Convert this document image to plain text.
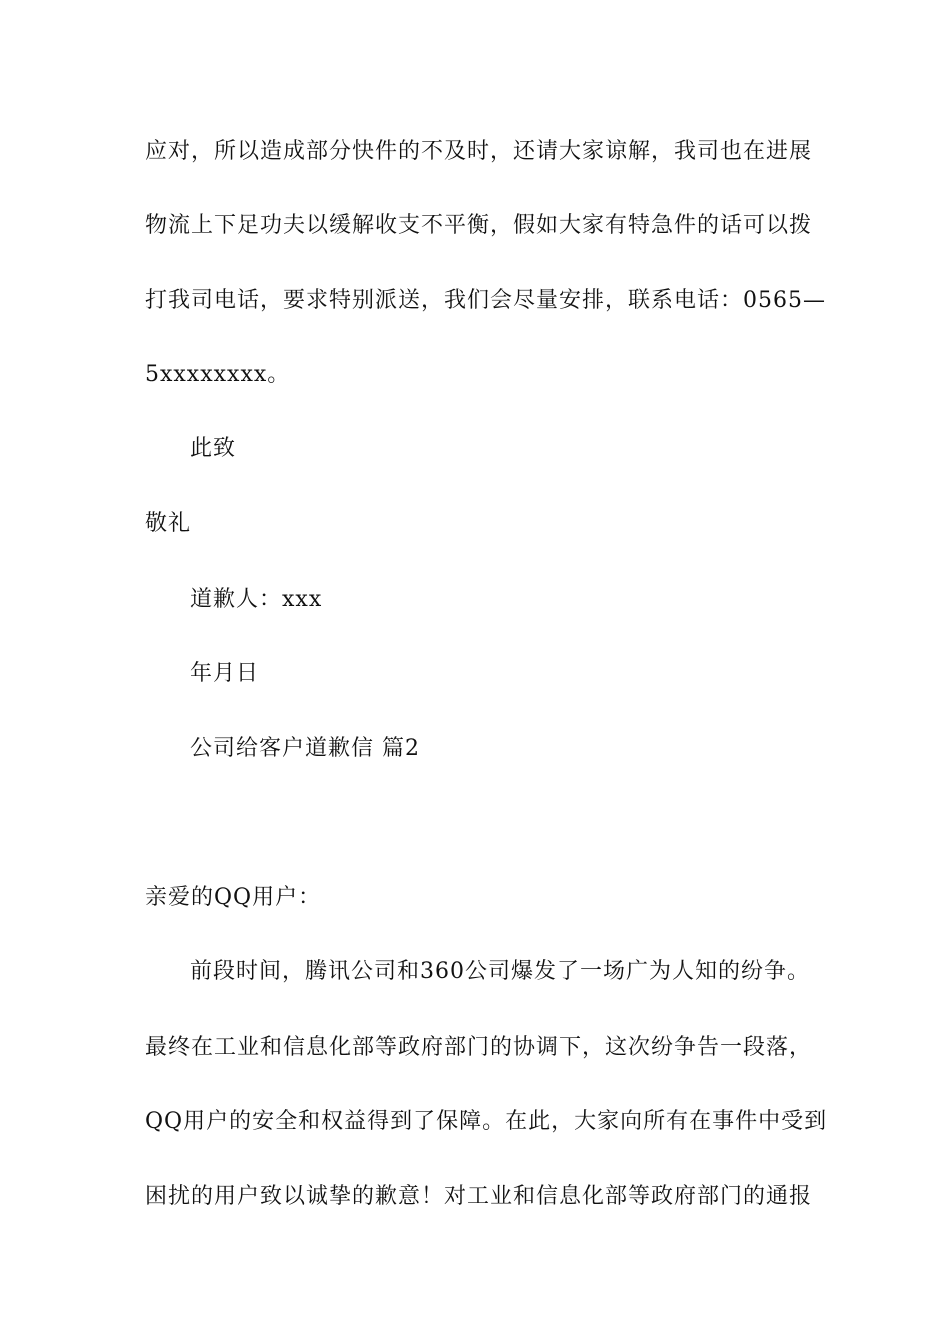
应对，所以造成部分快件的不及时，还请大家谅解，我司也在进展
物流上下足功夫以缓解收支不平衡，假如大家有特急件的话可以拨
打我司电话，要求特别派送，我们会尽量安排，联系电话：0565—
5xxxxxxxx。
此致
敬礼
道歉人：xxx
年月日
公司给客户道歉信 篇2
亲爱的QQ用户：
前段时间，腾讯公司和360公司爆发了一场广为人知的纷争。
最终在工业和信息化部等政府部门的协调下，这次纷争告一段落，
QQ用户的安全和权益得到了保障。在此，大家向所有在事件中受到
困扰的用户致以诚挚的歉意！对工业和信息化部等政府部门的通报
